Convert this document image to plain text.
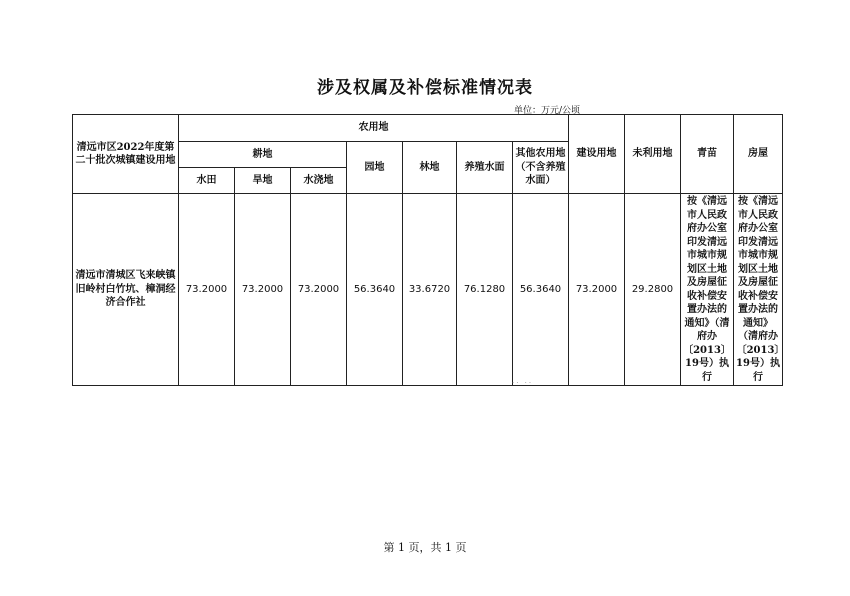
涉及权属及补偿标准情况表
单位：万元/公顷
清远市区2022年度第二十批次城镇建设用地	农用地							建设用地	未利用地	青苗	房屋
	耕地			园地	林地	养殖水面	其他农用地（不含养殖水面）				
	水田	旱地	水浇地								
清远市清城区飞来峡镇旧岭村白竹坑、樟洞经济合作社	73.2000	73.2000	73.2000	56.3640	33.6720	76.1280	56.3640	73.2000	29.2800	按《清远市人民政府办公室印发清远市城市规划区土地及房屋征收补偿安置办法的通知》（清府办〔2013〕19号）执行	按《清远市人民政府办公室印发清远市城市规划区土地及房屋征收补偿安置办法的通知》（清府办〔2013〕19号）执行
·· ··
第 1 页，共 1 页
